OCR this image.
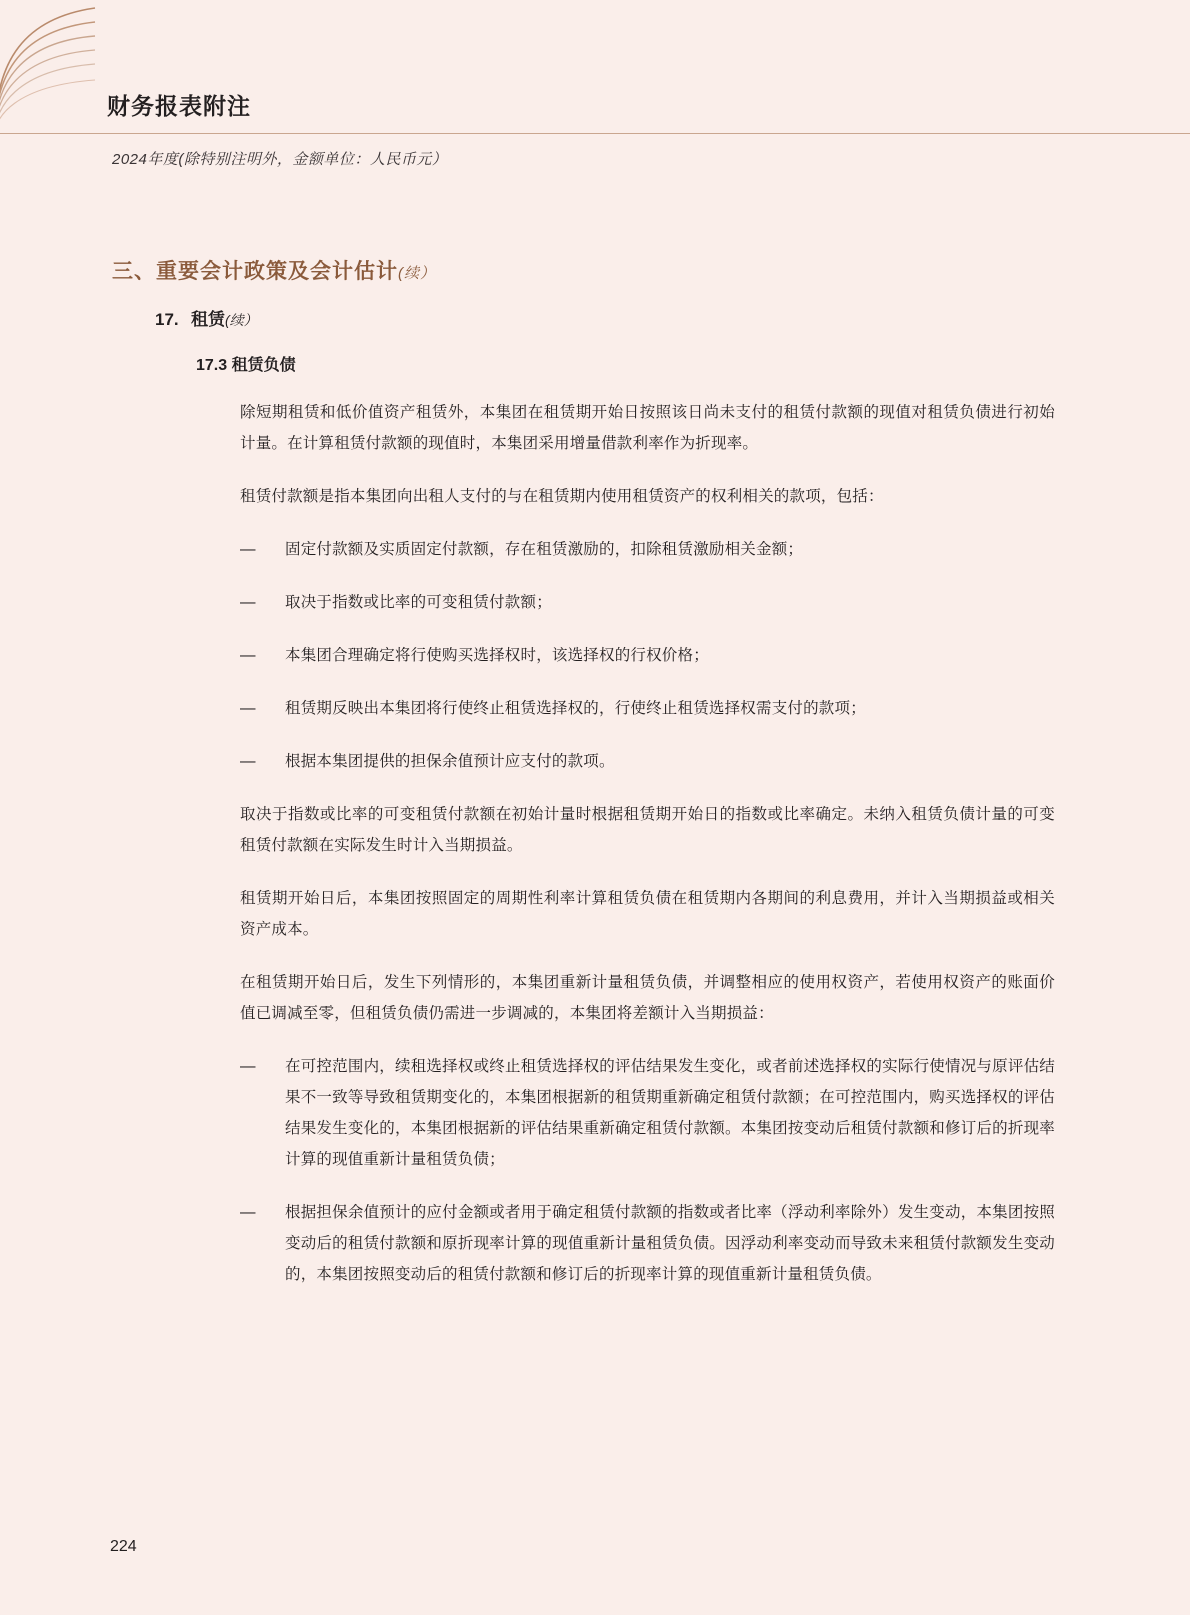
财务报表附注
2024年度(除特别注明外，金额单位：人民币元）
三、重要会计政策及会计估计(续）
17. 租赁(续）
17.3 租赁负债
除短期租赁和低价值资产租赁外，本集团在租赁期开始日按照该日尚未支付的租赁付款额的现值对租赁负债进行初始计量。在计算租赁付款额的现值时，本集团采用增量借款利率作为折现率。
租赁付款额是指本集团向出租人支付的与在租赁期内使用租赁资产的权利相关的款项，包括：
— 固定付款额及实质固定付款额，存在租赁激励的，扣除租赁激励相关金额；
— 取决于指数或比率的可变租赁付款额；
— 本集团合理确定将行使购买选择权时，该选择权的行权价格；
— 租赁期反映出本集团将行使终止租赁选择权的，行使终止租赁选择权需支付的款项；
— 根据本集团提供的担保余值预计应支付的款项。
取决于指数或比率的可变租赁付款额在初始计量时根据租赁期开始日的指数或比率确定。未纳入租赁负债计量的可变租赁付款额在实际发生时计入当期损益。
租赁期开始日后，本集团按照固定的周期性利率计算租赁负债在租赁期内各期间的利息费用，并计入当期损益或相关资产成本。
在租赁期开始日后，发生下列情形的，本集团重新计量租赁负债，并调整相应的使用权资产，若使用权资产的账面价值已调减至零，但租赁负债仍需进一步调减的，本集团将差额计入当期损益：
— 在可控范围内，续租选择权或终止租赁选择权的评估结果发生变化，或者前述选择权的实际行使情况与原评估结果不一致等导致租赁期变化的，本集团根据新的租赁期重新确定租赁付款额；在可控范围内，购买选择权的评估结果发生变化的，本集团根据新的评估结果重新确定租赁付款额。本集团按变动后租赁付款额和修订后的折现率计算的现值重新计量租赁负债；
— 根据担保余值预计的应付金额或者用于确定租赁付款额的指数或者比率（浮动利率除外）发生变动，本集团按照变动后的租赁付款额和原折现率计算的现值重新计量租赁负债。因浮动利率变动而导致未来租赁付款额发生变动的，本集团按照变动后的租赁付款额和修订后的折现率计算的现值重新计量租赁负债。
224
